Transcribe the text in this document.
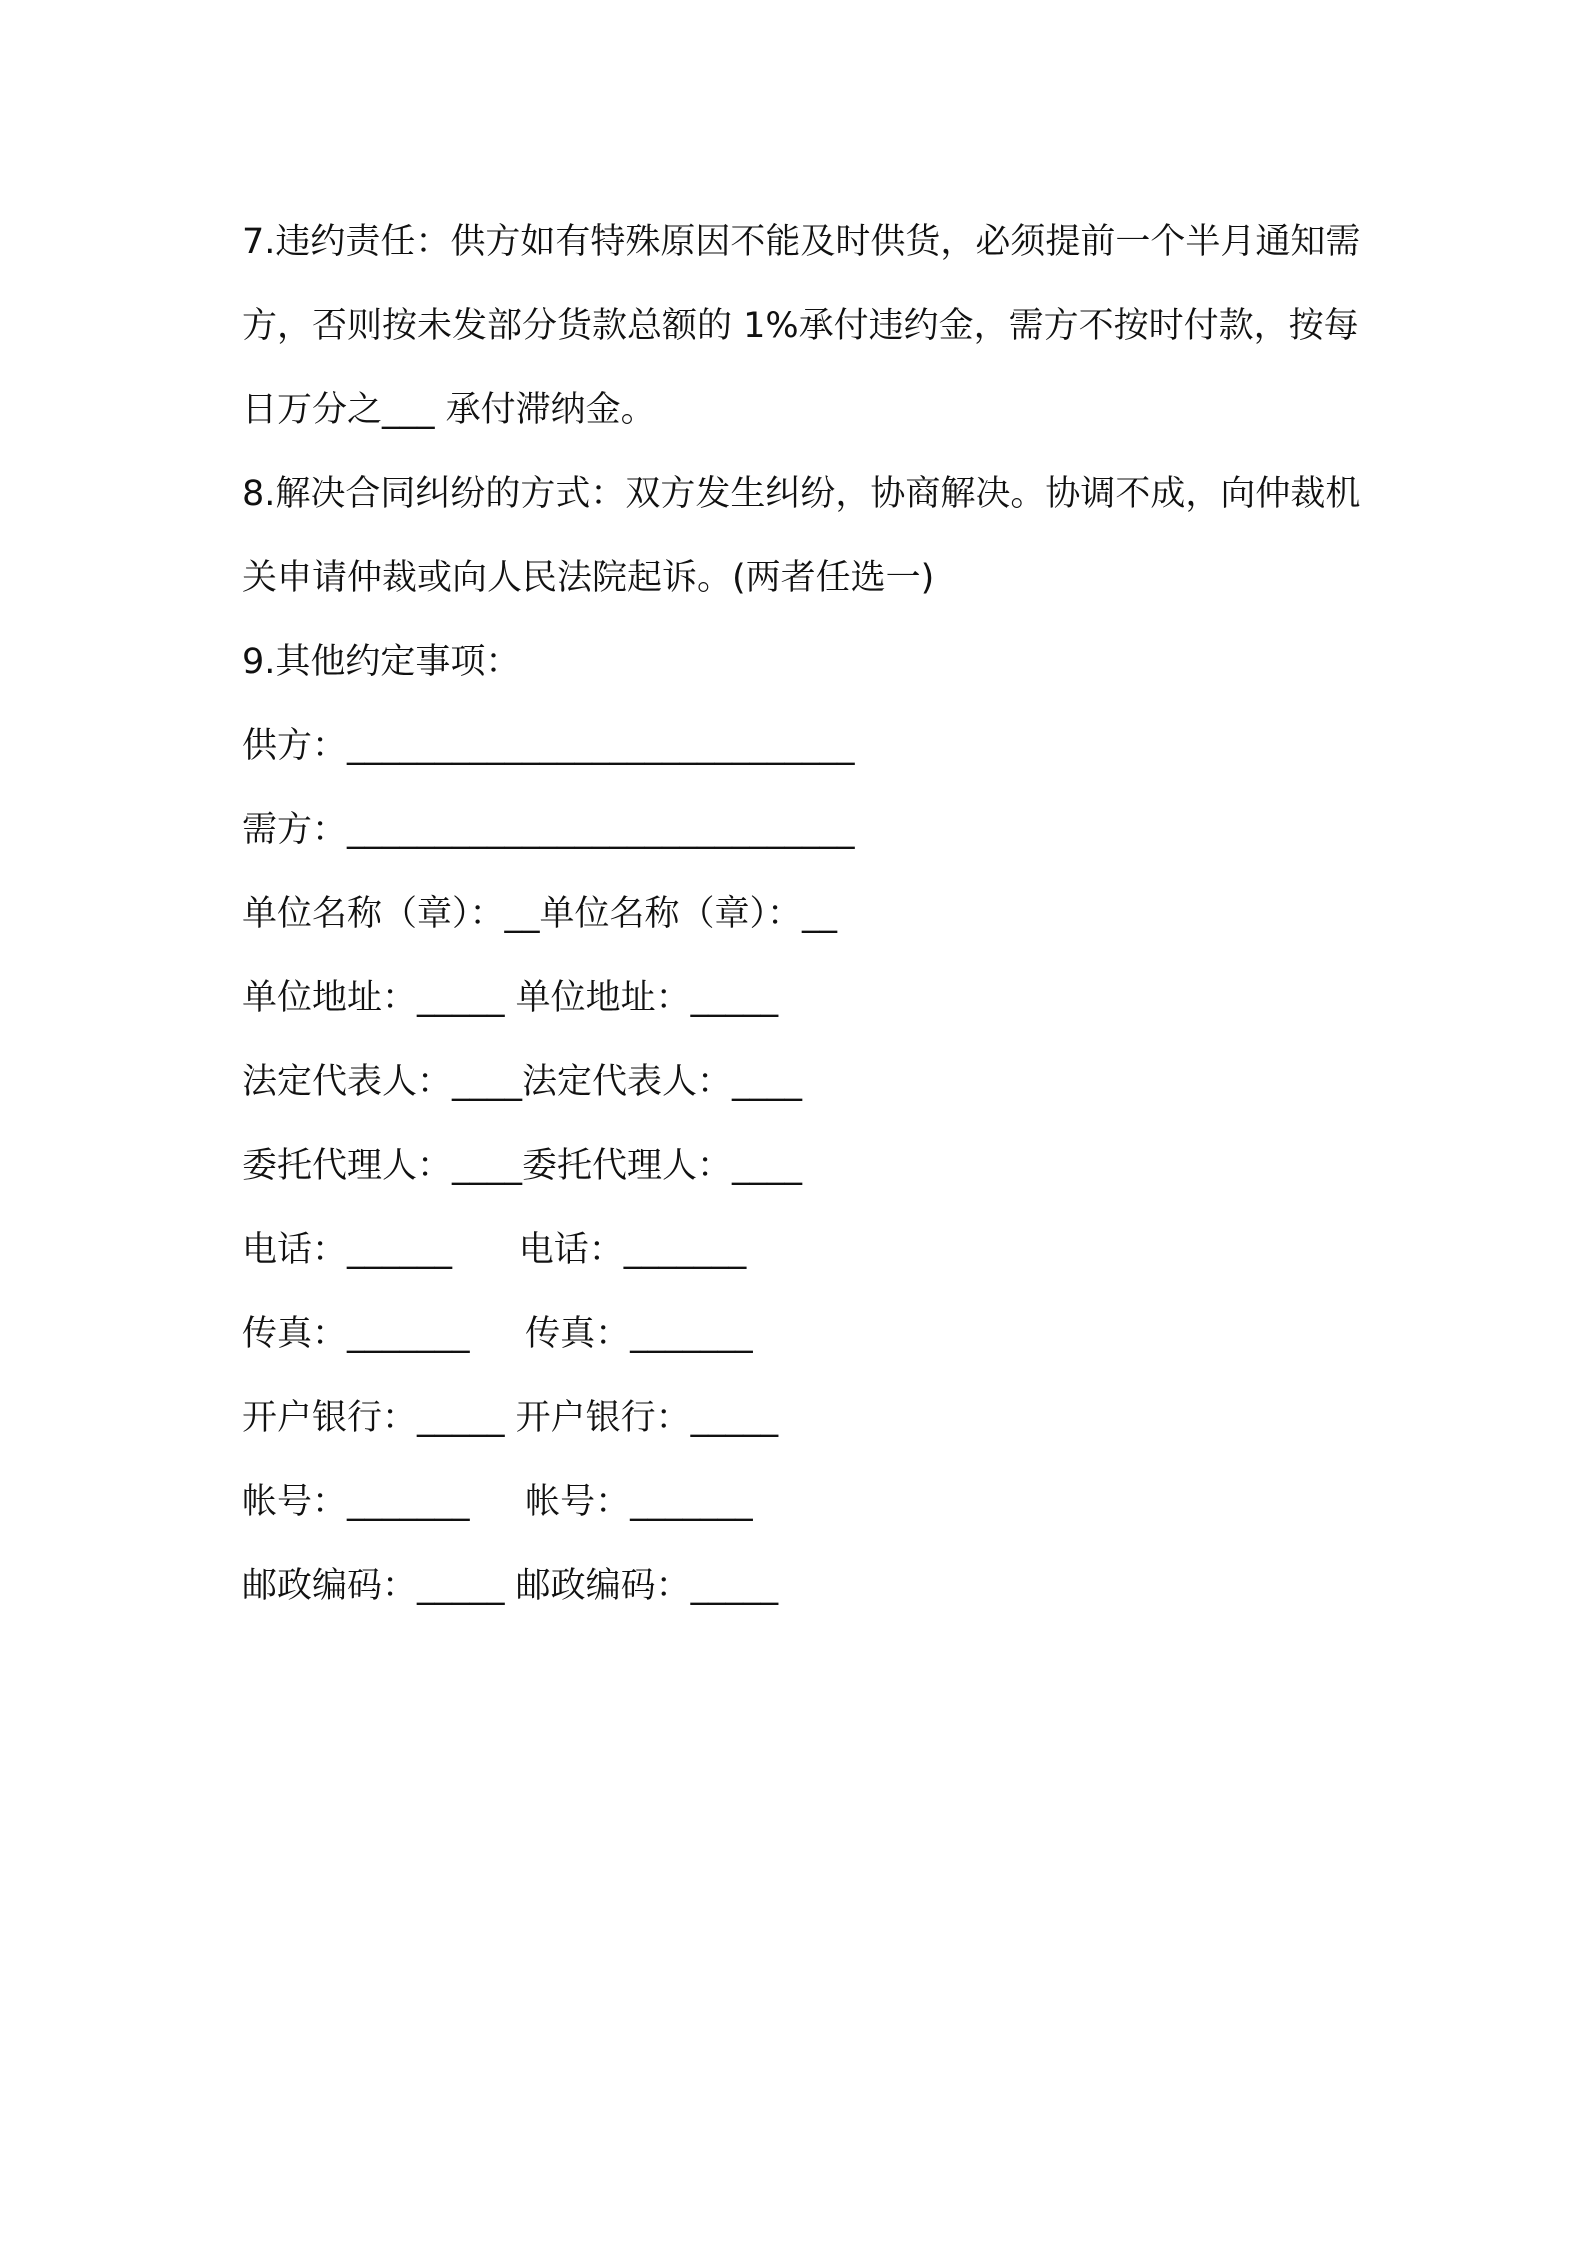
7.违约责任：供方如有特殊原因不能及时供货，必须提前一个半月通知需方，否则按未发部分货款总额的 1%承付违约金，需方不按时付款，按每日万分之___ 承付滞纳金。

8.解决合同纠纷的方式：双方发生纠纷，协商解决。协调不成，向仲裁机关申请仲裁或向人民法院起诉。(两者任选一)

9.其他约定事项：

供方：_____________________________
需方：_____________________________
单位名称（章）：__单位名称（章）：__
单位地址：_____ 单位地址：_____
法定代表人：____法定代表人：____
委托代理人：____委托代理人：____
电话：______      电话：_______
传真：_______     传真：_______
开户银行：_____ 开户银行：_____
帐号：_______     帐号：_______
邮政编码：_____ 邮政编码：_____
